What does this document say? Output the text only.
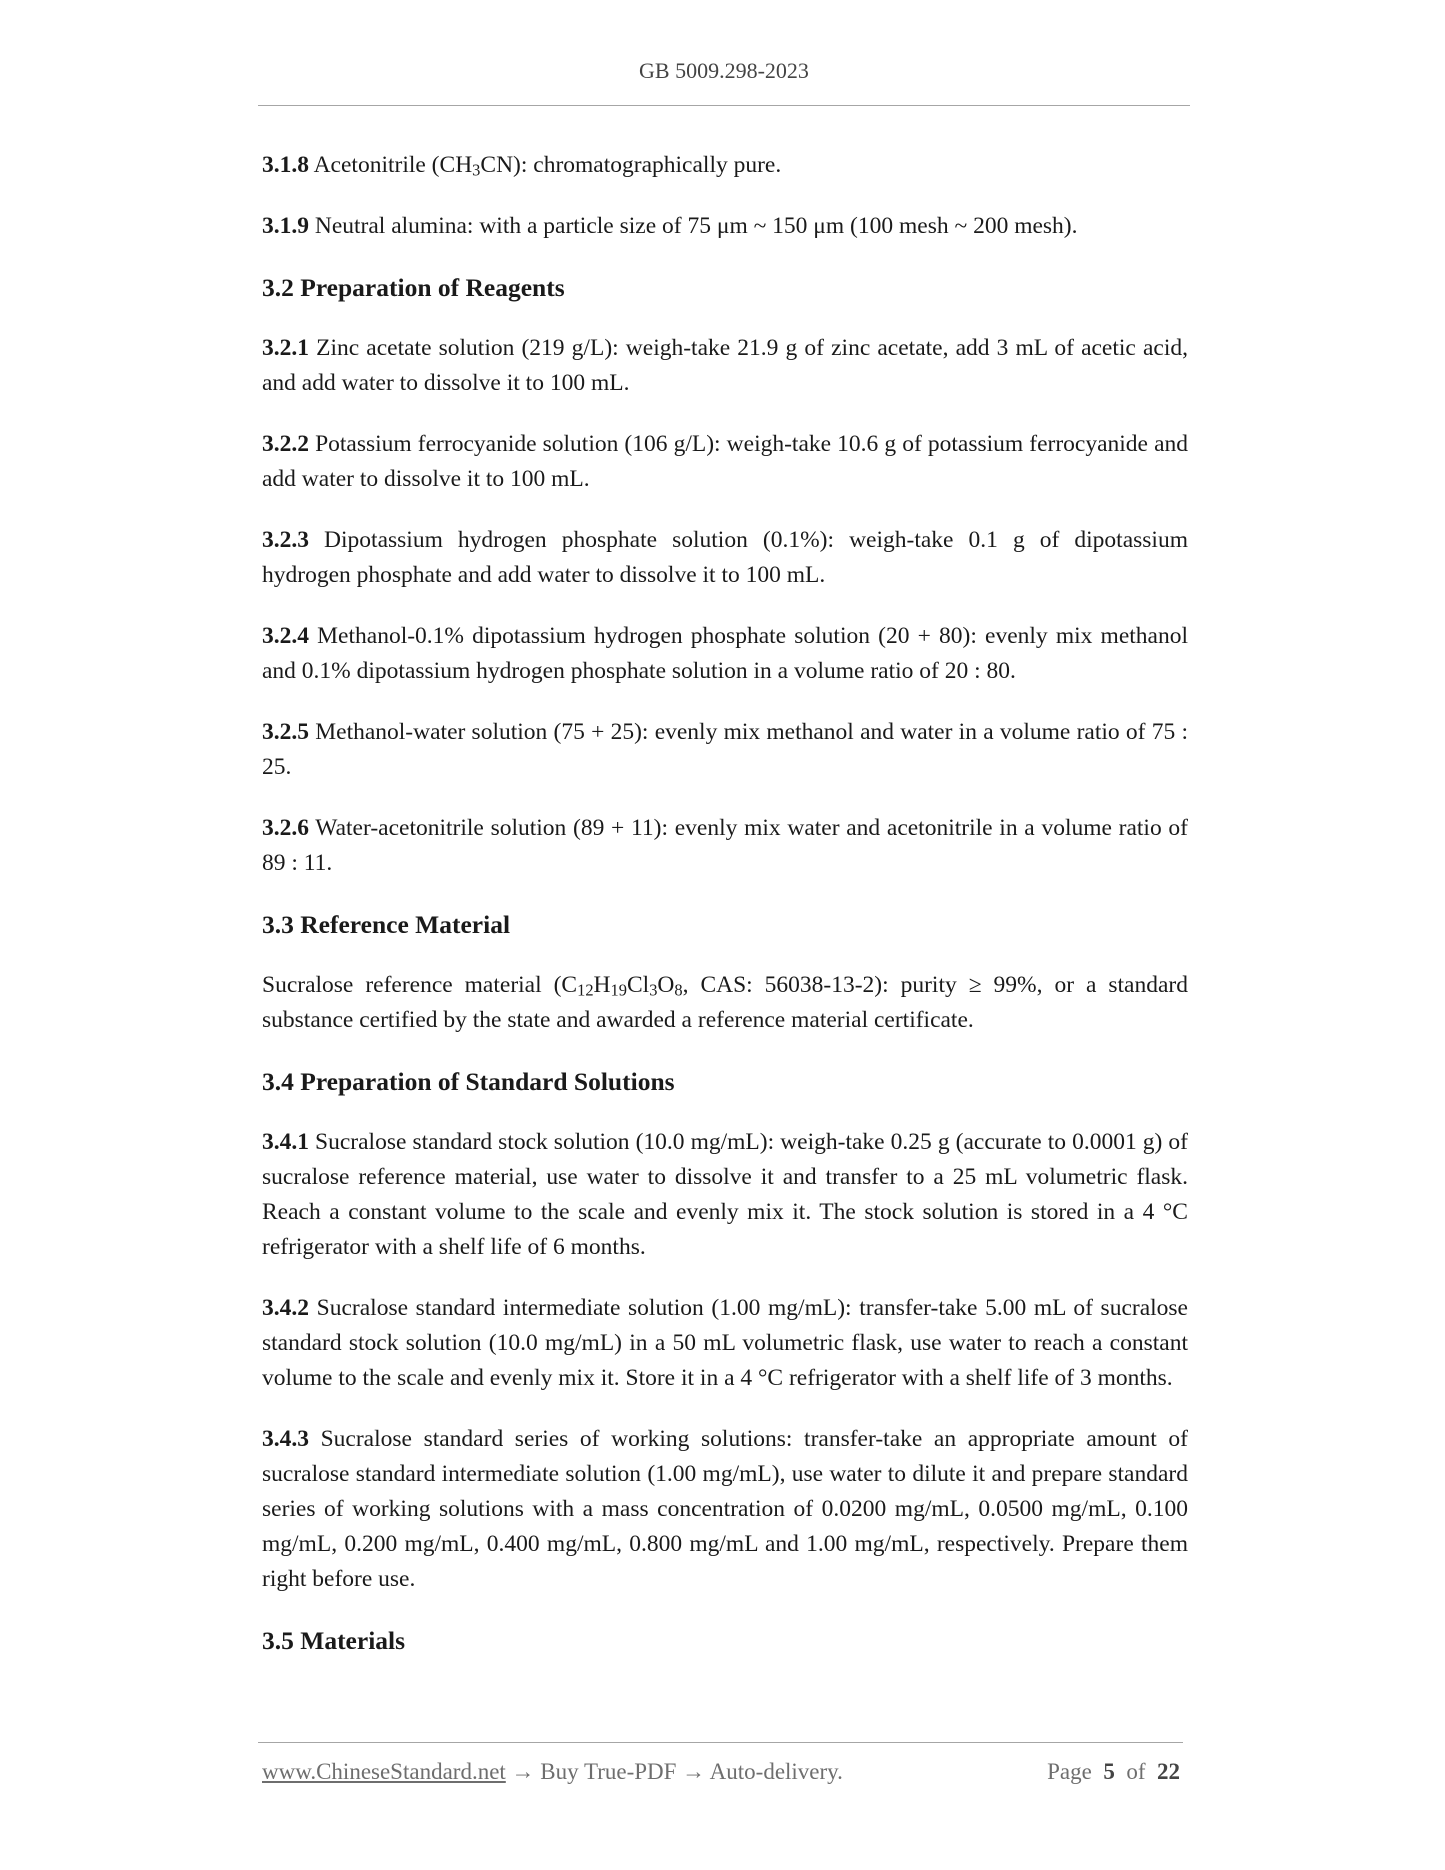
GB 5009.298-2023

3.1.8 Acetonitrile $(CH_3CN)$: chromatographically pure.

3.1.9 Neutral alumina: with a particle size of 75 μm ~ 150 μm (100 mesh ~ 200 mesh).

3.2 Preparation of Reagents

3.2.1 Zinc acetate solution (219 g/L): weigh-take 21.9 g of zinc acetate, add 3 mL of acetic acid, and add water to dissolve it to 100 mL.

3.2.2 Potassium ferrocyanide solution (106 g/L): weigh-take 10.6 g of potassium ferrocyanide and add water to dissolve it to 100 mL.

3.2.3 Dipotassium hydrogen phosphate solution (0.1%): weigh-take 0.1 g of dipotassium hydrogen phosphate and add water to dissolve it to 100 mL.

3.2.4 Methanol-0.1% dipotassium hydrogen phosphate solution (20 + 80): evenly mix methanol and 0.1% dipotassium hydrogen phosphate solution in a volume ratio of 20 : 80.

3.2.5 Methanol-water solution (75 + 25): evenly mix methanol and water in a volume ratio of 75 : 25.

3.2.6 Water-acetonitrile solution (89 + 11): evenly mix water and acetonitrile in a volume ratio of 89 : 11.

3.3 Reference Material

Sucralose reference material ($C_{12}H_{19}Cl_3O_8$, CAS: 56038-13-2): purity ≥ 99%, or a standard substance certified by the state and awarded a reference material certificate.

3.4 Preparation of Standard Solutions

3.4.1 Sucralose standard stock solution (10.0 mg/mL): weigh-take 0.25 g (accurate to 0.0001 g) of sucralose reference material, use water to dissolve it and transfer to a 25 mL volumetric flask. Reach a constant volume to the scale and evenly mix it. The stock solution is stored in a 4 °C refrigerator with a shelf life of 6 months.

3.4.2 Sucralose standard intermediate solution (1.00 mg/mL): transfer-take 5.00 mL of sucralose standard stock solution (10.0 mg/mL) in a 50 mL volumetric flask, use water to reach a constant volume to the scale and evenly mix it. Store it in a 4 °C refrigerator with a shelf life of 3 months.

3.4.3 Sucralose standard series of working solutions: transfer-take an appropriate amount of sucralose standard intermediate solution (1.00 mg/mL), use water to dilute it and prepare standard series of working solutions with a mass concentration of 0.0200 mg/mL, 0.0500 mg/mL, 0.100 mg/mL, 0.200 mg/mL, 0.400 mg/mL, 0.800 mg/mL and 1.00 mg/mL, respectively. Prepare them right before use.

3.5 Materials
www.ChineseStandard.net → Buy True-PDF → Auto-delivery.	Page 5 of 22
